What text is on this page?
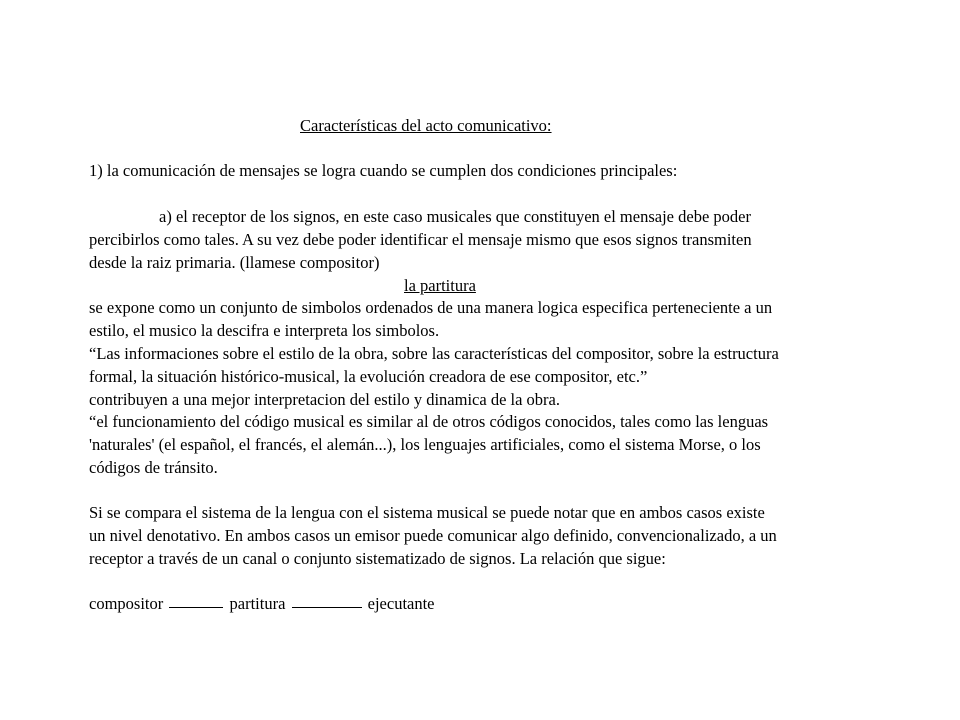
Características del acto comunicativo:
1) la comunicación de mensajes se logra cuando se cumplen dos condiciones principales:
a) el receptor de los signos, en este caso musicales que constituyen el mensaje debe poder
percibirlos como tales. A su vez debe poder identificar el mensaje mismo que esos signos transmiten
desde la raiz primaria. (llamese compositor)
la partitura
se expone como un conjunto de simbolos ordenados de una manera logica especifica perteneciente a un
estilo, el musico la descifra e interpreta los simbolos.
“Las informaciones sobre el estilo de la obra, sobre las características del compositor, sobre la estructura
formal, la situación histórico-musical, la evolución creadora de ese compositor, etc.”
contribuyen a una mejor interpretacion del estilo y dinamica de la obra.
“el funcionamiento del código musical es similar al de otros códigos conocidos, tales como las lenguas
'naturales' (el español, el francés, el alemán...), los lenguajes artificiales, como el sistema Morse, o los
códigos de tránsito.
Si se compara el sistema de la lengua con el sistema musical se puede notar que en ambos casos existe
un nivel denotativo. En ambos casos un emisor puede comunicar algo definido, convencionalizado, a un
receptor a través de un canal o conjunto sistematizado de signos. La relación que sigue:
compositor	partitura	ejecutante
